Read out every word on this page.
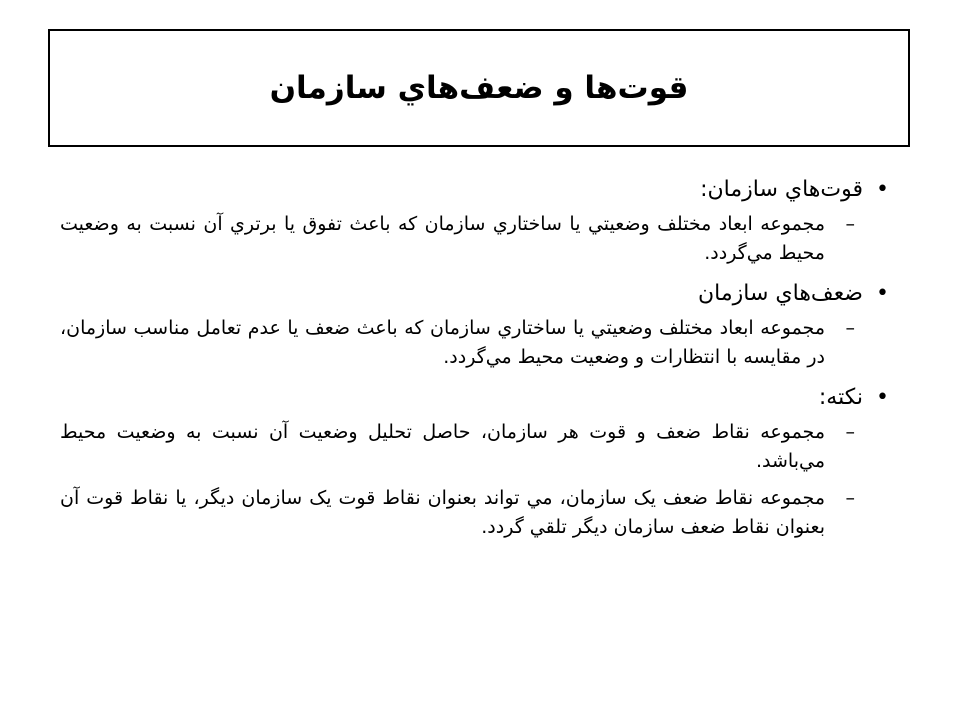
قوت‌ها و ضعف‌هاي سازمان
•
قوت‌هاي سازمان:
–
مجموعه ابعاد مختلف وضعيتي يا ساختاري سازمان که باعث تفوق يا برتري آن نسبت به وضعيت محيط مي‌گردد.
•
ضعف‌هاي سازمان
–
مجموعه ابعاد مختلف وضعيتي يا ساختاري سازمان که باعث ضعف يا عدم تعامل مناسب سازمان، در مقايسه با انتظارات و وضعيت محيط مي‌گردد.
•
نکته:
–
مجموعه نقاط ضعف و قوت هر سازمان، حاصل تحليل وضعيت آن نسبت به وضعيت محيط مي‌باشد.
–
مجموعه نقاط ضعف يک سازمان، مي تواند بعنوان نقاط قوت يک سازمان ديگر، يا نقاط قوت آن بعنوان نقاط ضعف سازمان ديگر تلقي گردد.
